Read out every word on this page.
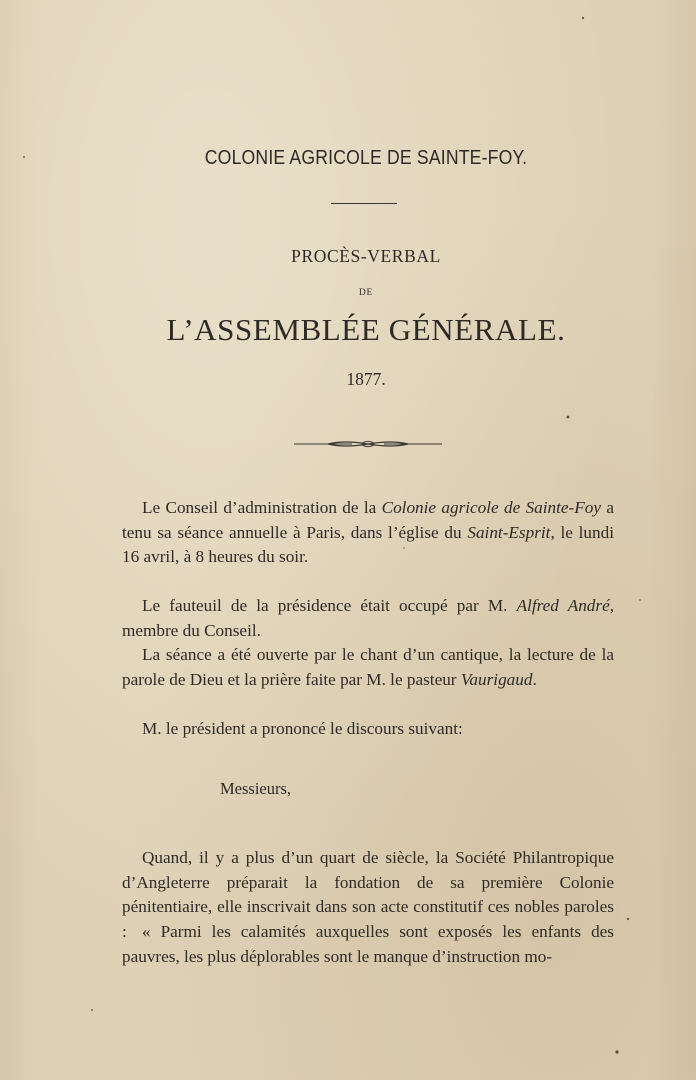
COLONIE AGRICOLE DE SAINTE-FOY.
PROCÈS-VERBAL
DE
L’ASSEMBLÉE GÉNÉRALE.
1877.
Le Conseil d’administration de la Colonie agricole de Sainte-Foy a tenu sa séance annuelle à Paris, dans l’église du Saint-Esprit, le lundi 16 avril, à 8 heures du soir.
Le fauteuil de la présidence était occupé par M. Alfred André, membre du Conseil.
La séance a été ouverte par le chant d’un cantique, la lecture de la parole de Dieu et la prière faite par M. le pasteur Vaurigaud.
M. le président a prononcé le discours suivant:
Messieurs,
Quand, il y a plus d’un quart de siècle, la Société Philantropique d’Angleterre préparait la fondation de sa première Colonie pénitentiaire, elle inscrivait dans son acte constitutif ces nobles paroles : « Parmi les calamités auxquelles sont exposés les enfants des pauvres, les plus déplorables sont le manque d’instruction mo-
